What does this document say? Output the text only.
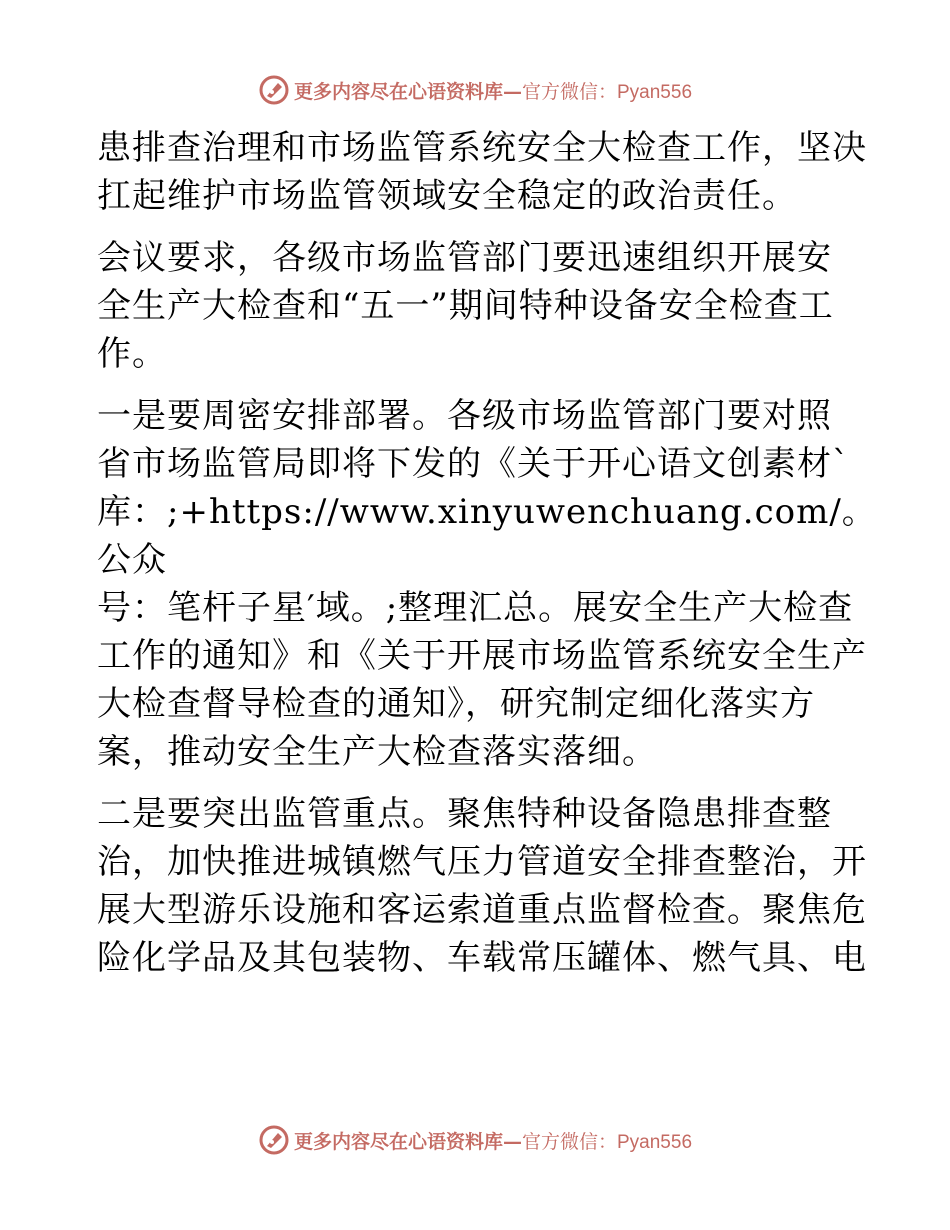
更多内容尽在心语资料库—官方微信：Pyan556

患排查治理和市场监管系统安全大检查工作，坚决
扛起维护市场监管领域安全稳定的政治责任。

会议要求，各级市场监管部门要迅速组织开展安
全生产大检查和“五一”期间特种设备安全检查工
作。

一是要周密安排部署。各级市场监管部门要对照
省市场监管局即将下发的《关于开心语文创素材`
库：;+https://www.xinyuwenchuang.com/。公众
号：笔杆子星′域。;整理汇总。展安全生产大检查
工作的通知》和《关于开展市场监管系统安全生产
大检查督导检查的通知》，研究制定细化落实方
案，推动安全生产大检查落实落细。

二是要突出监管重点。聚焦特种设备隐患排查整
治，加快推进城镇燃气压力管道安全排查整治，开
展大型游乐设施和客运索道重点监督检查。聚焦危
险化学品及其包装物、车载常压罐体、燃气具、电

更多内容尽在心语资料库—官方微信：Pyan556
